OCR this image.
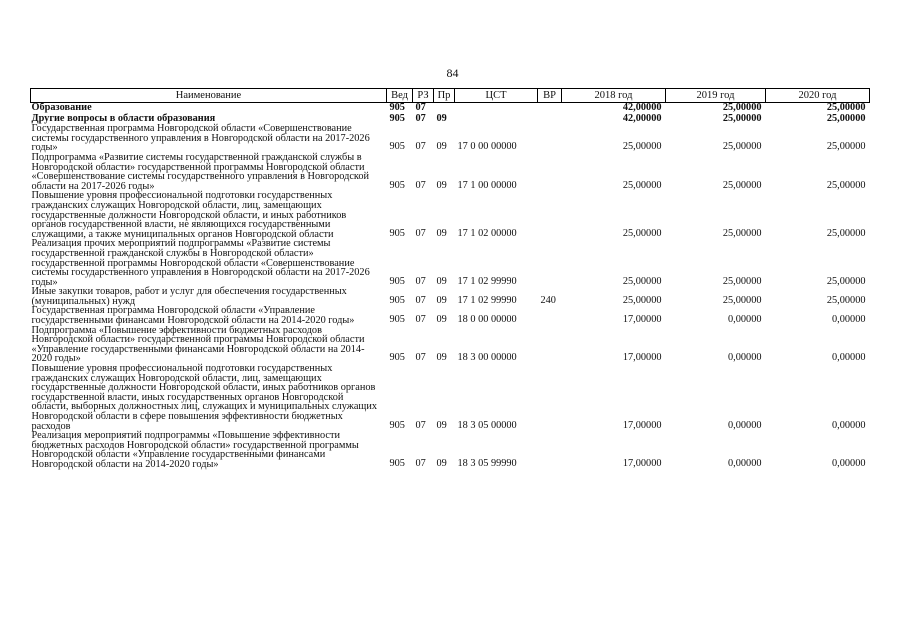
84
Наименование	Вед	РЗ	Пр	ЦСТ	ВР	2018 год	2019 год	2020 год
Образование	905	07				42,00000	25,00000	25,00000
Другие вопросы в области образования	905	07	09			42,00000	25,00000	25,00000
Государственная программа Новгородской области «Совершенствование системы государственного управления в Новгородской области на 2017-2026 годы»	905	07	09	17 0 00 00000		25,00000	25,00000	25,00000
Подпрограмма «Развитие системы государственной гражданской службы в Новгородской области» государственной программы Новгородской области «Совершенствование системы государственного управления в Новгородской области на 2017-2026 годы»	905	07	09	17 1 00 00000		25,00000	25,00000	25,00000
Повышение уровня профессиональной подготовки государственных гражданских служащих Новгородской области, лиц, замещающих государственные должности Новгородской области, и иных работников органов государственной власти, не являющихся государственными служащими, а также муниципальных органов Новгородской области	905	07	09	17 1 02 00000		25,00000	25,00000	25,00000
Реализация прочих мероприятий подпрограммы «Развитие системы государственной гражданской службы в Новгородской области» государственной программы Новгородской области «Совершенствование системы государственного управления в Новгородской области на 2017-2026 годы»	905	07	09	17 1 02 99990		25,00000	25,00000	25,00000
Иные закупки товаров, работ и услуг для обеспечения государственных (муниципальных) нужд	905	07	09	17 1 02 99990	240	25,00000	25,00000	25,00000
Государственная программа Новгородской области «Управление государственными финансами Новгородской области на 2014-2020 годы»	905	07	09	18 0 00 00000		17,00000	0,00000	0,00000
Подпрограмма «Повышение эффективности бюджетных расходов Новгородской области» государственной программы Новгородской области «Управление государственными финансами Новгородской области на 2014-2020 годы»	905	07	09	18 3 00 00000		17,00000	0,00000	0,00000
Повышение уровня профессиональной подготовки государственных гражданских служащих Новгородской области, лиц, замещающих государственные должности Новгородской области, иных работников органов государственной власти, иных государственных органов Новгородской области, выборных должностных лиц, служащих и муниципальных служащих Новгородской области в сфере повышения эффективности бюджетных расходов	905	07	09	18 3 05 00000		17,00000	0,00000	0,00000
Реализация мероприятий подпрограммы «Повышение эффективности бюджетных расходов Новгородской области» государственной программы Новгородской области «Управление государственными финансами Новгородской области на 2014-2020 годы»	905	07	09	18 3 05 99990		17,00000	0,00000	0,00000
